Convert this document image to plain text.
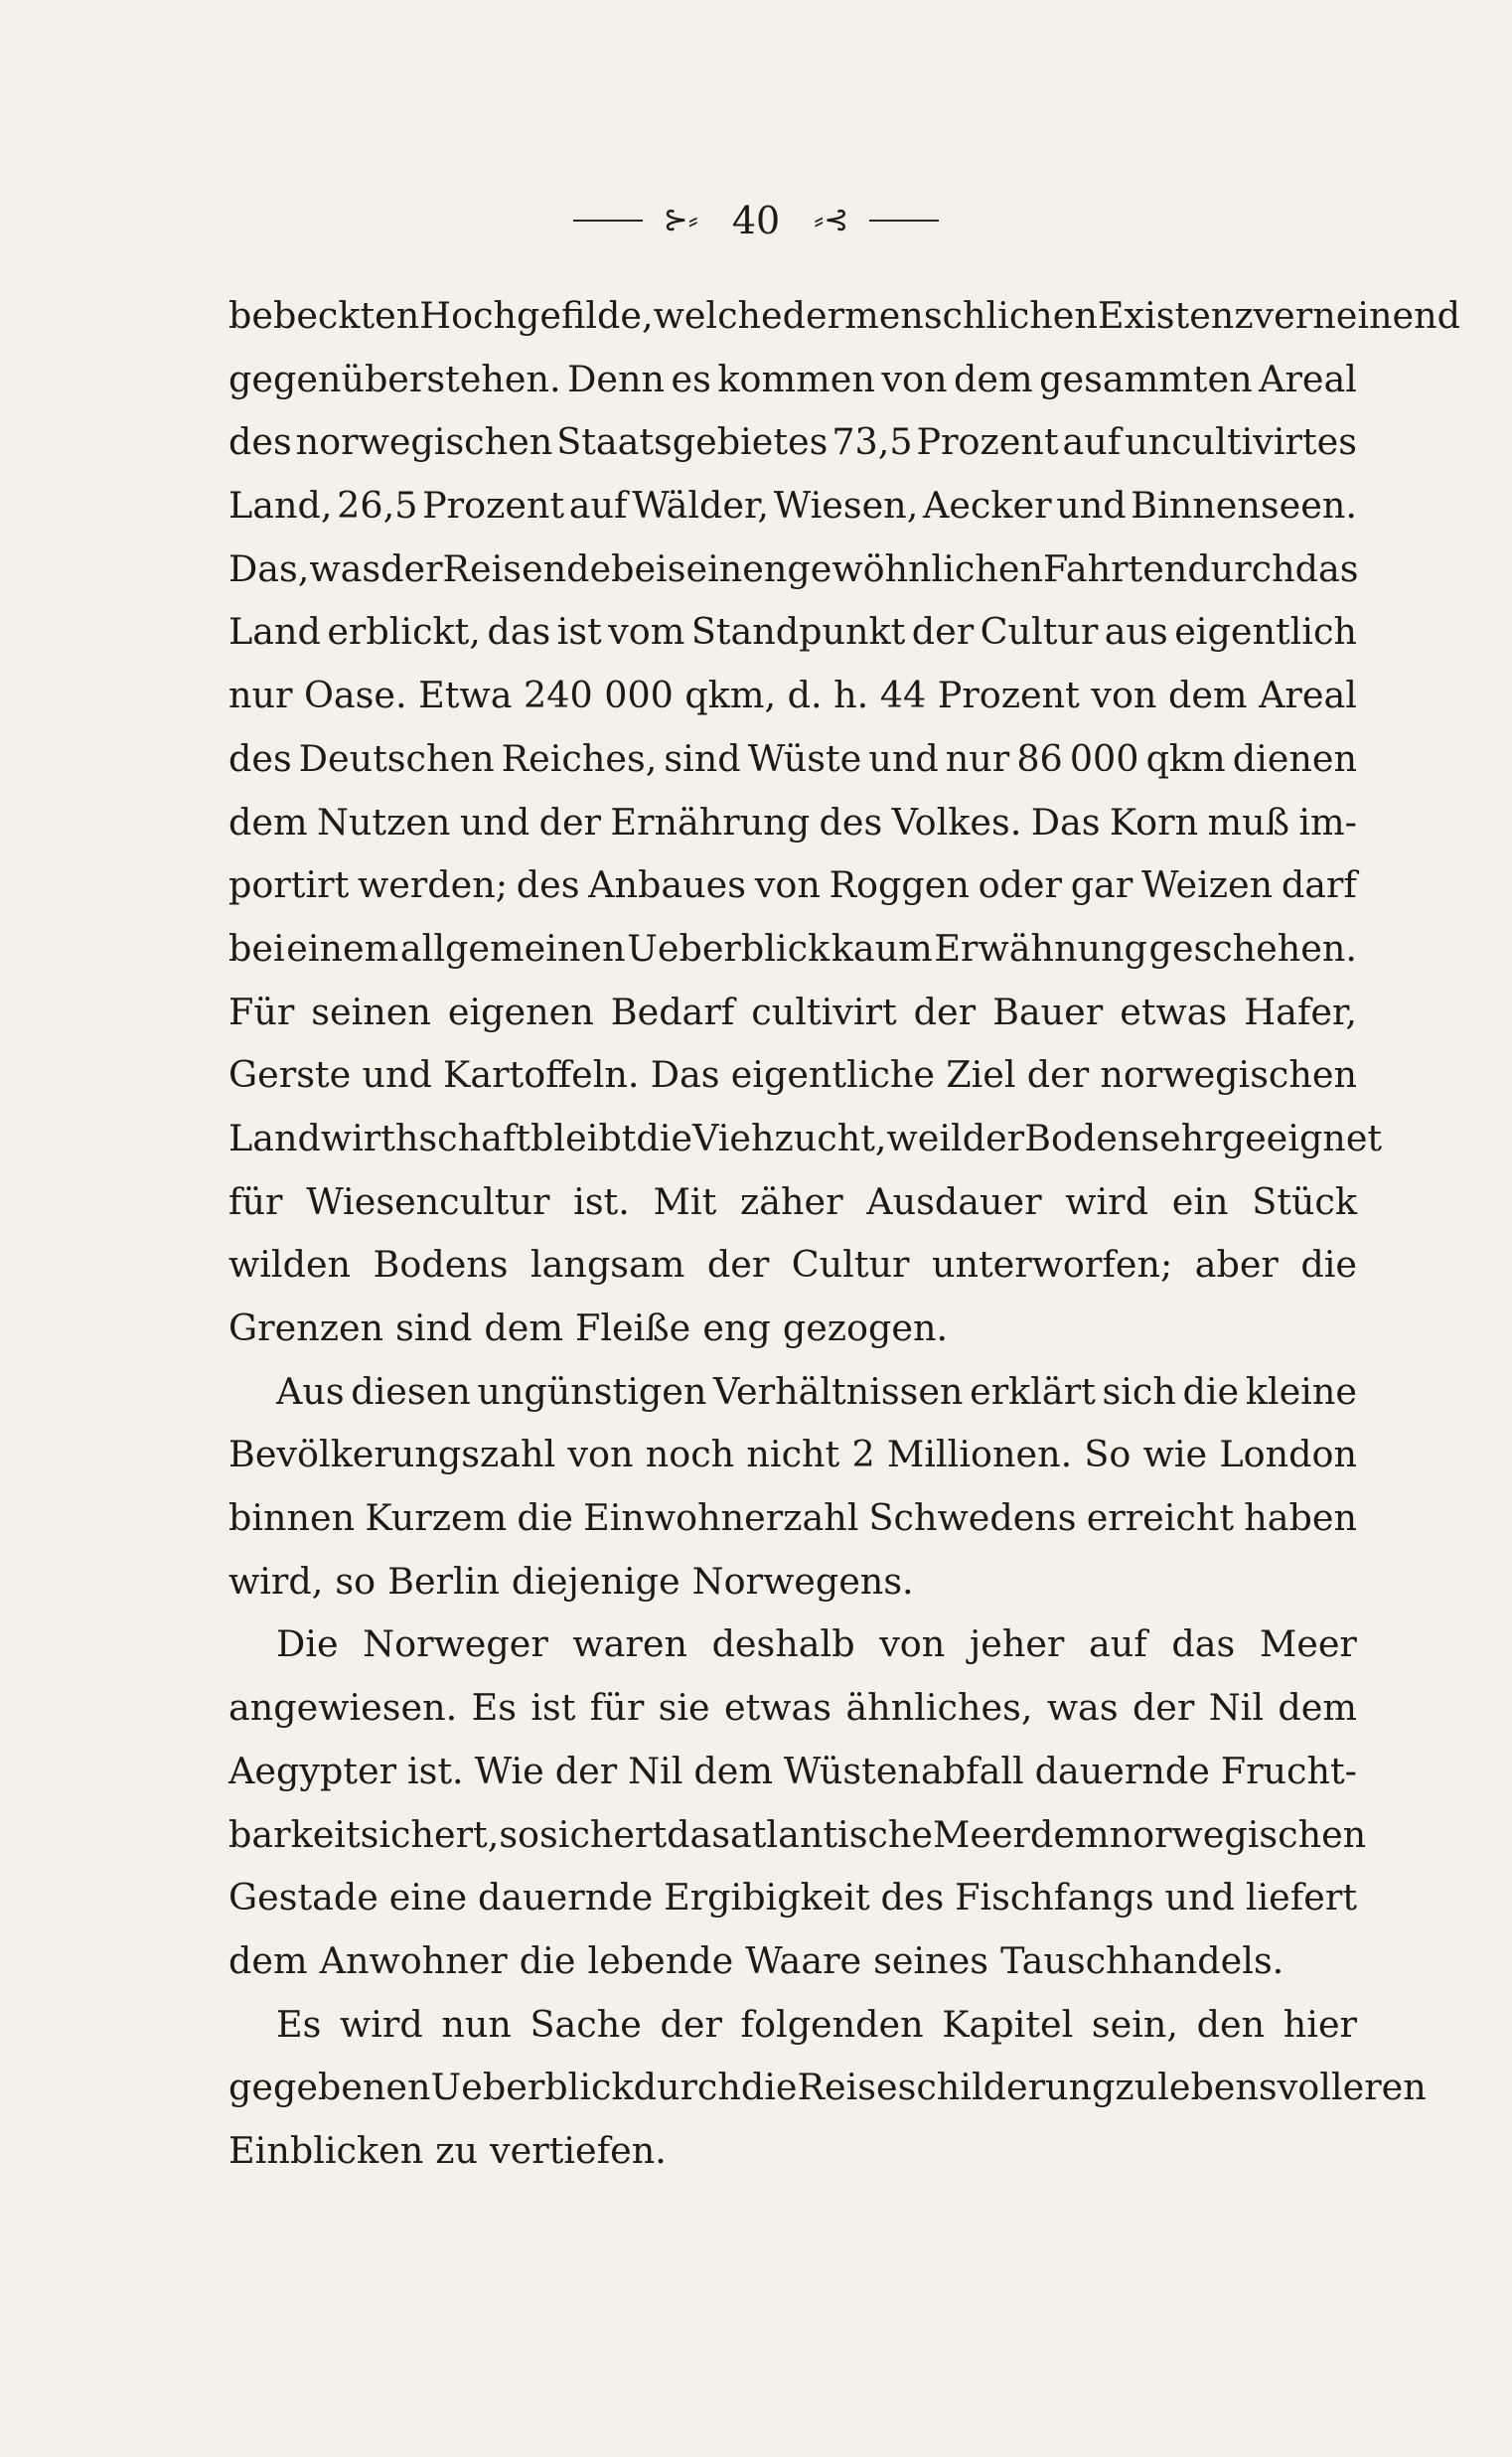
⊱⸗ 40 ⸗⊰
bebeckten Hochgefilde, welche der menschlichen Existenz verneinend
gegenüberstehen. Denn es kommen von dem gesammten Areal
des norwegischen Staatsgebietes 73,5 Prozent auf uncultivirtes
Land, 26,5 Prozent auf Wälder, Wiesen, Aecker und Binnenseen.
Das, was der Reisende bei seinen gewöhnlichen Fahrten durch das
Land erblickt, das ist vom Standpunkt der Cultur aus eigentlich
nur Oase. Etwa 240 000 qkm, d. h. 44 Prozent von dem Areal
des Deutschen Reiches, sind Wüste und nur 86 000 qkm dienen
dem Nutzen und der Ernährung des Volkes. Das Korn muß im-
portirt werden; des Anbaues von Roggen oder gar Weizen darf
bei einem allgemeinen Ueberblick kaum Erwähnung geschehen.
Für seinen eigenen Bedarf cultivirt der Bauer etwas Hafer,
Gerste und Kartoffeln. Das eigentliche Ziel der norwegischen
Landwirthschaft bleibt die Viehzucht, weil der Boden sehr geeignet
für Wiesencultur ist. Mit zäher Ausdauer wird ein Stück
wilden Bodens langsam der Cultur unterworfen; aber die
Grenzen sind dem Fleiße eng gezogen.
Aus diesen ungünstigen Verhältnissen erklärt sich die kleine
Bevölkerungszahl von noch nicht 2 Millionen. So wie London
binnen Kurzem die Einwohnerzahl Schwedens erreicht haben
wird, so Berlin diejenige Norwegens.
Die Norweger waren deshalb von jeher auf das Meer
angewiesen. Es ist für sie etwas ähnliches, was der Nil dem
Aegypter ist. Wie der Nil dem Wüstenabfall dauernde Frucht-
barkeit sichert, so sichert das atlantische Meer dem norwegischen
Gestade eine dauernde Ergibigkeit des Fischfangs und liefert
dem Anwohner die lebende Waare seines Tauschhandels.
Es wird nun Sache der folgenden Kapitel sein, den hier
gegebenen Ueberblick durch die Reiseschilderung zu lebensvolleren
Einblicken zu vertiefen.
